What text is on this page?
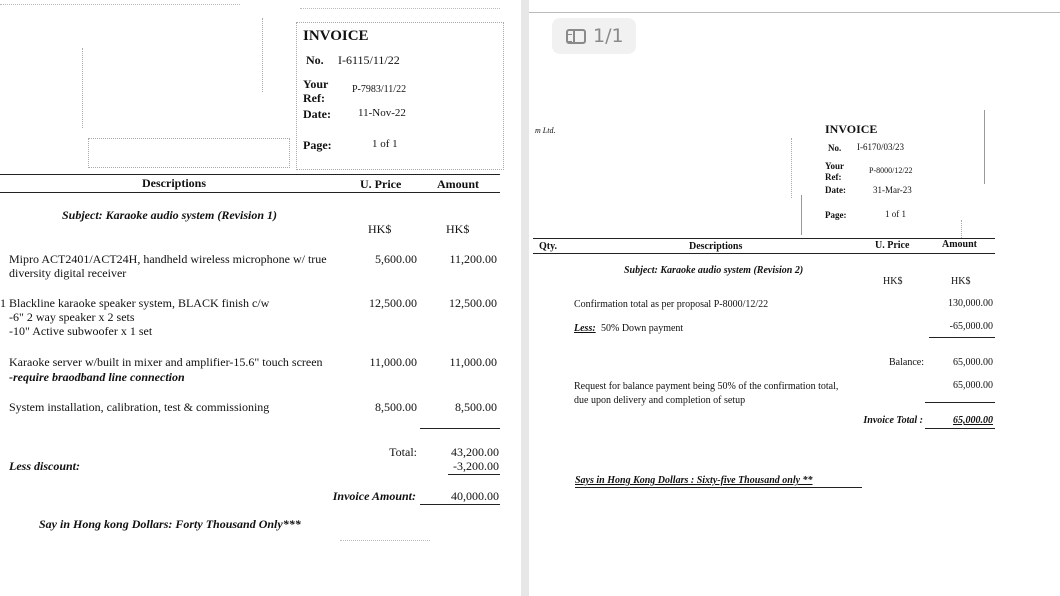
INVOICE
No. I-6115/11/22
Your
Ref:
P-7983/11/22
Date: 11-Nov-22
Page:	1 of 1
Descriptions	U. Price	Amount
Subject: Karaoke audio system (Revision 1)
HK$	HK$
Mipro ACT2401/ACT24H, handheld wireless microphone w/ true
diversity digital receiver
5,600.00	11,200.00
1 Blackline karaoke speaker system, BLACK finish c/w
-6" 2 way speaker x 2 sets
-10" Active subwoofer x 1 set
12,500.00	12,500.00
Karaoke server w/built in mixer and amplifier-15.6" touch screen
-require braodband line connection
11,000.00	11,000.00
System installation, calibration, test & commissioning	8,500.00	8,500.00
Total:	43,200.00
Less discount:	-3,200.00
Invoice Amount:	40,000.00
Say in Hong kong Dollars: Forty Thousand Only***
m Ltd.	INVOICE
No. I-6170/03/23
Your
Ref:
P-8000/12/22
Date:	31-Mar-23
Page:	1 of 1
Qty.	Descriptions	U. Price	Amount
Subject: Karaoke audio system (Revision 2)
HK$	HK$
Confirmation total as per proposal P-8000/12/22	130,000.00
Less: 50% Down payment	-65,000.00
Balance:	65,000.00
Request for balance payment being 50% of the confirmation total,
due upon delivery and completion of setup
65,000.00
Invoice Total :	65,000.00
Says in Hong Kong Dollars : Sixty-five Thousand only **
1/1
